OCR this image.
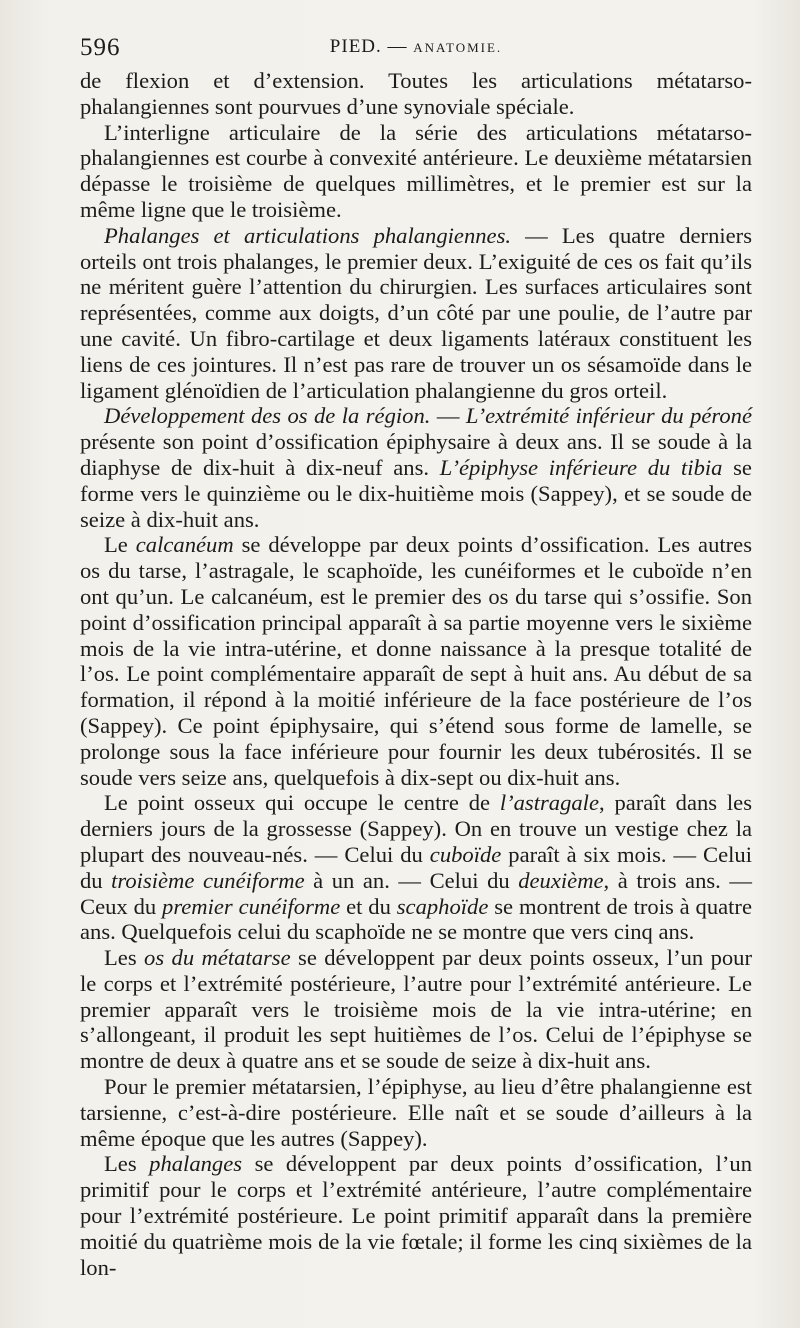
596	PIED. — ANATOMIE.

de flexion et d’extension. Toutes les articulations métatarso-phalangiennes sont pourvues d’une synoviale spéciale.

L’interligne articulaire de la série des articulations métatarso-phalangiennes est courbe à convexité antérieure. Le deuxième métatarsien dépasse le troisième de quelques millimètres, et le premier est sur la même ligne que le troisième.

Phalanges et articulations phalangiennes. — Les quatre derniers orteils ont trois phalanges, le premier deux. L’exiguité de ces os fait qu’ils ne méritent guère l’attention du chirurgien. Les surfaces articulaires sont représentées, comme aux doigts, d’un côté par une poulie, de l’autre par une cavité. Un fibro-cartilage et deux ligaments latéraux constituent les liens de ces jointures. Il n’est pas rare de trouver un os sésamoïde dans le ligament glénoïdien de l’articulation phalangienne du gros orteil.

Développement des os de la région. — L’extrémité inférieur du péroné présente son point d’ossification épiphysaire à deux ans. Il se soude à la diaphyse de dix-huit à dix-neuf ans. L’épiphyse inférieure du tibia se forme vers le quinzième ou le dix-huitième mois (Sappey), et se soude de seize à dix-huit ans.

Le calcanéum se développe par deux points d’ossification. Les autres os du tarse, l’astragale, le scaphoïde, les cunéiformes et le cuboïde n’en ont qu’un. Le calcanéum, est le premier des os du tarse qui s’ossifie. Son point d’ossification principal apparaît à sa partie moyenne vers le sixième mois de la vie intra-utérine, et donne naissance à la presque totalité de l’os. Le point complémentaire apparaît de sept à huit ans. Au début de sa formation, il répond à la moitié inférieure de la face postérieure de l’os (Sappey). Ce point épiphysaire, qui s’étend sous forme de lamelle, se prolonge sous la face inférieure pour fournir les deux tubérosités. Il se soude vers seize ans, quelquefois à dix-sept ou dix-huit ans.

Le point osseux qui occupe le centre de l’astragale, paraît dans les derniers jours de la grossesse (Sappey). On en trouve un vestige chez la plupart des nouveau-nés. — Celui du cuboïde paraît à six mois. — Celui du troisième cunéiforme à un an. — Celui du deuxième, à trois ans. — Ceux du premier cunéiforme et du scaphoïde se montrent de trois à quatre ans. Quelquefois celui du scaphoïde ne se montre que vers cinq ans.

Les os du métatarse se développent par deux points osseux, l’un pour le corps et l’extrémité postérieure, l’autre pour l’extrémité antérieure. Le premier apparaît vers le troisième mois de la vie intra-utérine; en s’allongeant, il produit les sept huitièmes de l’os. Celui de l’épiphyse se montre de deux à quatre ans et se soude de seize à dix-huit ans.

Pour le premier métatarsien, l’épiphyse, au lieu d’être phalangienne est tarsienne, c’est-à-dire postérieure. Elle naît et se soude d’ailleurs à la même époque que les autres (Sappey).

Les phalanges se développent par deux points d’ossification, l’un primitif pour le corps et l’extrémité antérieure, l’autre complémentaire pour l’extrémité postérieure. Le point primitif apparaît dans la première moitié du quatrième mois de la vie fœtale; il forme les cinq sixièmes de la lon-
